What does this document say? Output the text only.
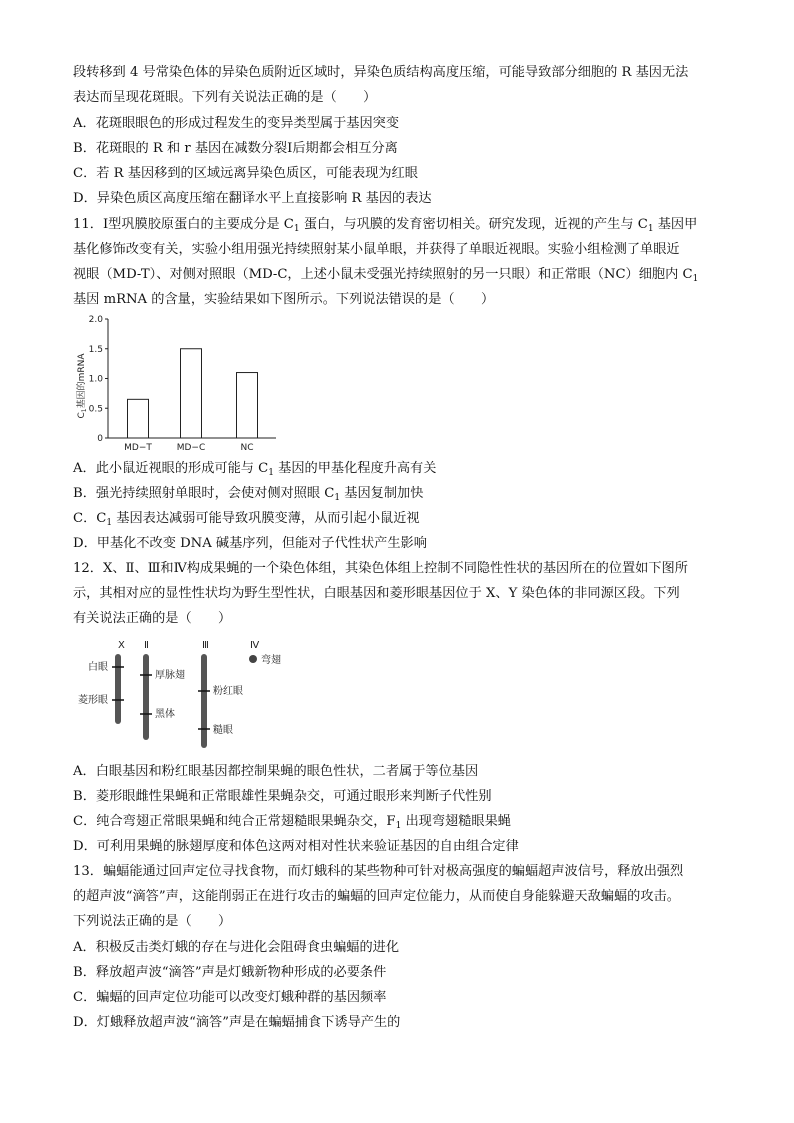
段转移到 4 号常染色体的异染色质附近区域时，异染色质结构高度压缩，可能导致部分细胞的 R 基因无法
表达而呈现花斑眼。下列有关说法正确的是（　　）
A．花斑眼眼色的形成过程发生的变异类型属于基因突变
B．花斑眼的 R 和 r 基因在减数分裂Ⅰ后期都会相互分离
C．若 R 基因移到的区域远离异染色质区，可能表现为红眼
D．异染色质区高度压缩在翻译水平上直接影响 R 基因的表达
11．Ⅰ型巩膜胶原蛋白的主要成分是 $C_1$ 蛋白，与巩膜的发育密切相关。研究发现，近视的产生与 $C_1$ 基因甲
基化修饰改变有关，实验小组用强光持续照射某小鼠单眼，并获得了单眼近视眼。实验小组检测了单眼近
视眼（MD-T）、对侧对照眼（MD-C，上述小鼠未受强光持续照射的另一只眼）和正常眼（NC）细胞内 $C_1$
基因 mRNA 的含量，实验结果如下图所示。下列说法错误的是（　　）
$C_1$基因的mRNA
0
0.5
1.0
1.5
2.0
MD−T	MD−C	NC
A．此小鼠近视眼的形成可能与 $C_1$ 基因的甲基化程度升高有关
B．强光持续照射单眼时，会使对侧对照眼 $C_1$ 基因复制加快
C．$C_1$ 基因表达减弱可能导致巩膜变薄，从而引起小鼠近视
D．甲基化不改变 DNA 碱基序列，但能对子代性状产生影响
12．X、Ⅱ、Ⅲ和Ⅳ构成果蝇的一个染色体组，其染色体组上控制不同隐性性状的基因所在的位置如下图所
示，其相对应的显性性状均为野生型性状，白眼基因和菱形眼基因位于 X、Y 染色体的非同源区段。下列
有关说法正确的是（　　）
X Ⅱ	Ⅲ	Ⅳ
白眼
菱形眼
厚脉翅
黑体
粉红眼
糙眼
弯翅
A．白眼基因和粉红眼基因都控制果蝇的眼色性状，二者属于等位基因
B．菱形眼雌性果蝇和正常眼雄性果蝇杂交，可通过眼形来判断子代性别
C．纯合弯翅正常眼果蝇和纯合正常翅糙眼果蝇杂交，$F_1$ 出现弯翅糙眼果蝇
D．可利用果蝇的脉翅厚度和体色这两对相对性状来验证基因的自由组合定律
13．蝙蝠能通过回声定位寻找食物，而灯蛾科的某些物种可针对极高强度的蝙蝠超声波信号，释放出强烈
的超声波“滴答”声，这能削弱正在进行攻击的蝙蝠的回声定位能力，从而使自身能躲避天敌蝙蝠的攻击。
下列说法正确的是（　　）
A．积极反击类灯蛾的存在与进化会阻碍食虫蝙蝠的进化
B．释放超声波“滴答”声是灯蛾新物种形成的必要条件
C．蝙蝠的回声定位功能可以改变灯蛾种群的基因频率
D．灯蛾释放超声波“滴答”声是在蝙蝠捕食下诱导产生的
